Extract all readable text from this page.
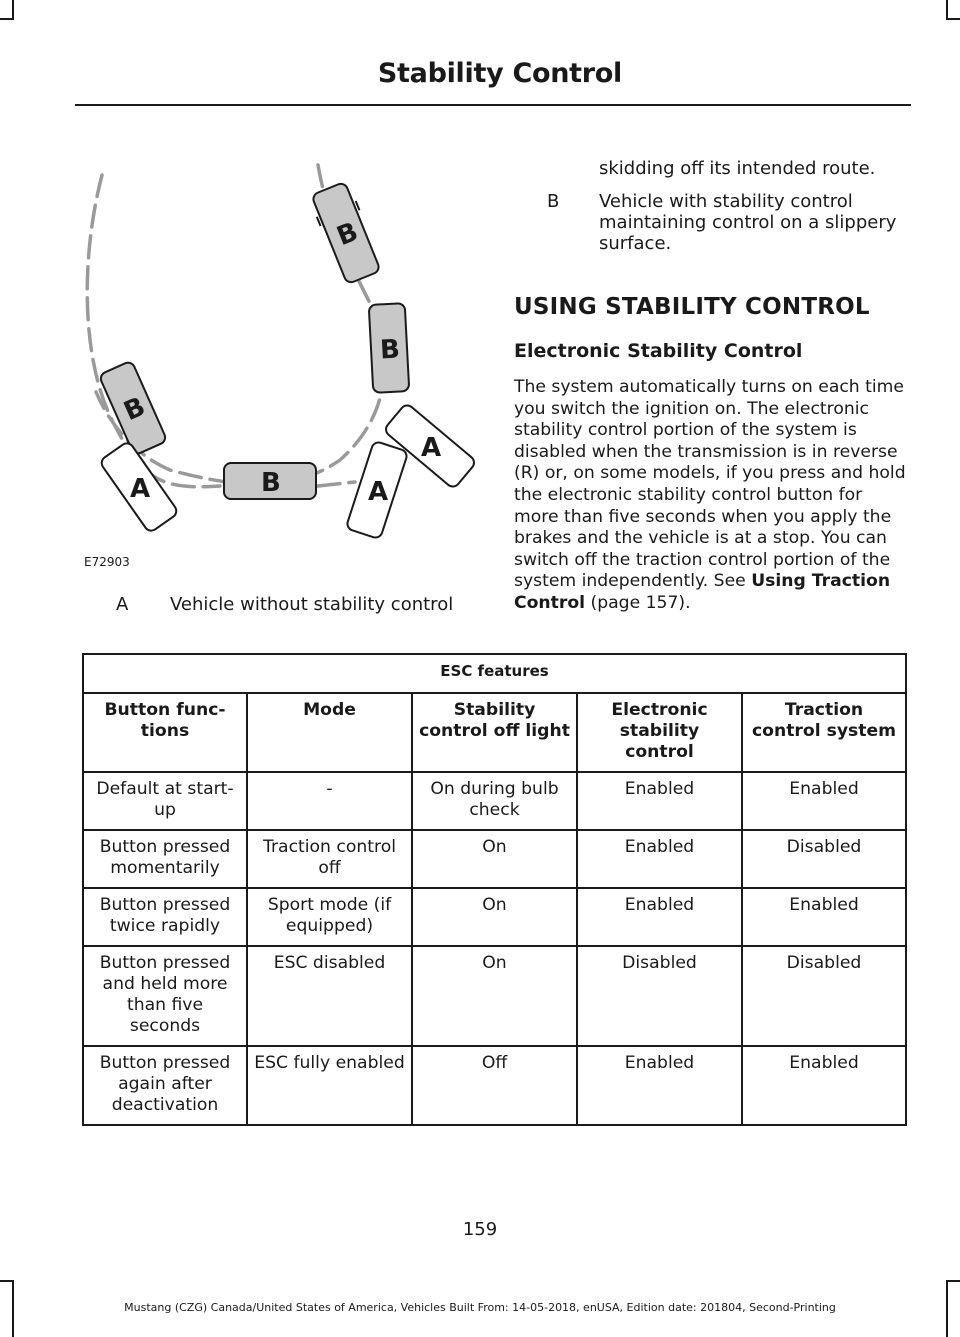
Stability Control
B
B
B
B
A	A
A
E72903
A Vehicle without stability control
skidding off its intended route.
B Vehicle with stability control maintaining control on a slippery surface.
USING STABILITY CONTROL
Electronic Stability Control
The system automatically turns on each time you switch the ignition on. The electronic stability control portion of the system is disabled when the transmission is in reverse (R) or, on some models, if you press and hold the electronic stability control button for more than five seconds when you apply the brakes and the vehicle is at a stop. You can switch off the traction control portion of the system independently. See Using Traction Control (page 157).
ESC features				
Button func-tions	Mode	Stability control off light	Electronic stability control	Traction control system
Default at start-up	-	On during bulb check	Enabled	Enabled
Button pressed momentarily	Traction control off	On	Enabled	Disabled
Button pressed twice rapidly	Sport mode (if equipped)	On	Enabled	Enabled
Button pressed and held more than five seconds	ESC disabled	On	Disabled	Disabled
Button pressed again after deactivation	ESC fully enabled	Off	Enabled	Enabled
159
Mustang (CZG) Canada/United States of America, Vehicles Built From: 14-05-2018, enUSA, Edition date: 201804, Second-Printing
